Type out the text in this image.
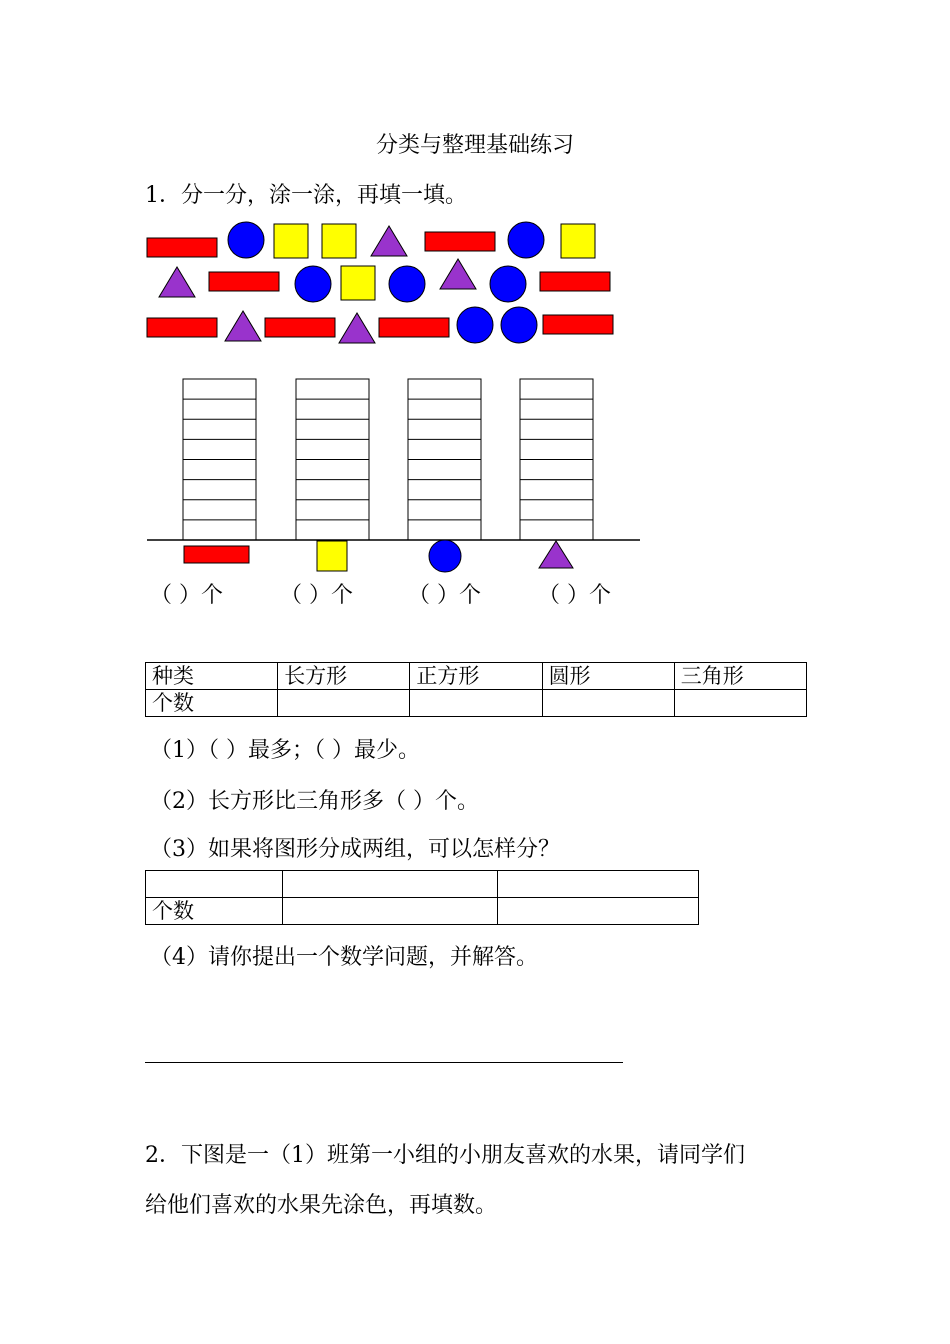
分类与整理基础练习
1．分一分，涂一涂，再填一填。
（ ）个	（ ）个	（ ）个	（ ）个
种类	长方形	正方形	圆形	三角形
个数				
（1）（ ）最多；（ ）最少。
（2）长方形比三角形多（ ）个。
（3）如果将图形分成两组，可以怎样分？

个数		
（4）请你提出一个数学问题，并解答。
2．下图是一（1）班第一小组的小朋友喜欢的水果，请同学们
给他们喜欢的水果先涂色，再填数。
